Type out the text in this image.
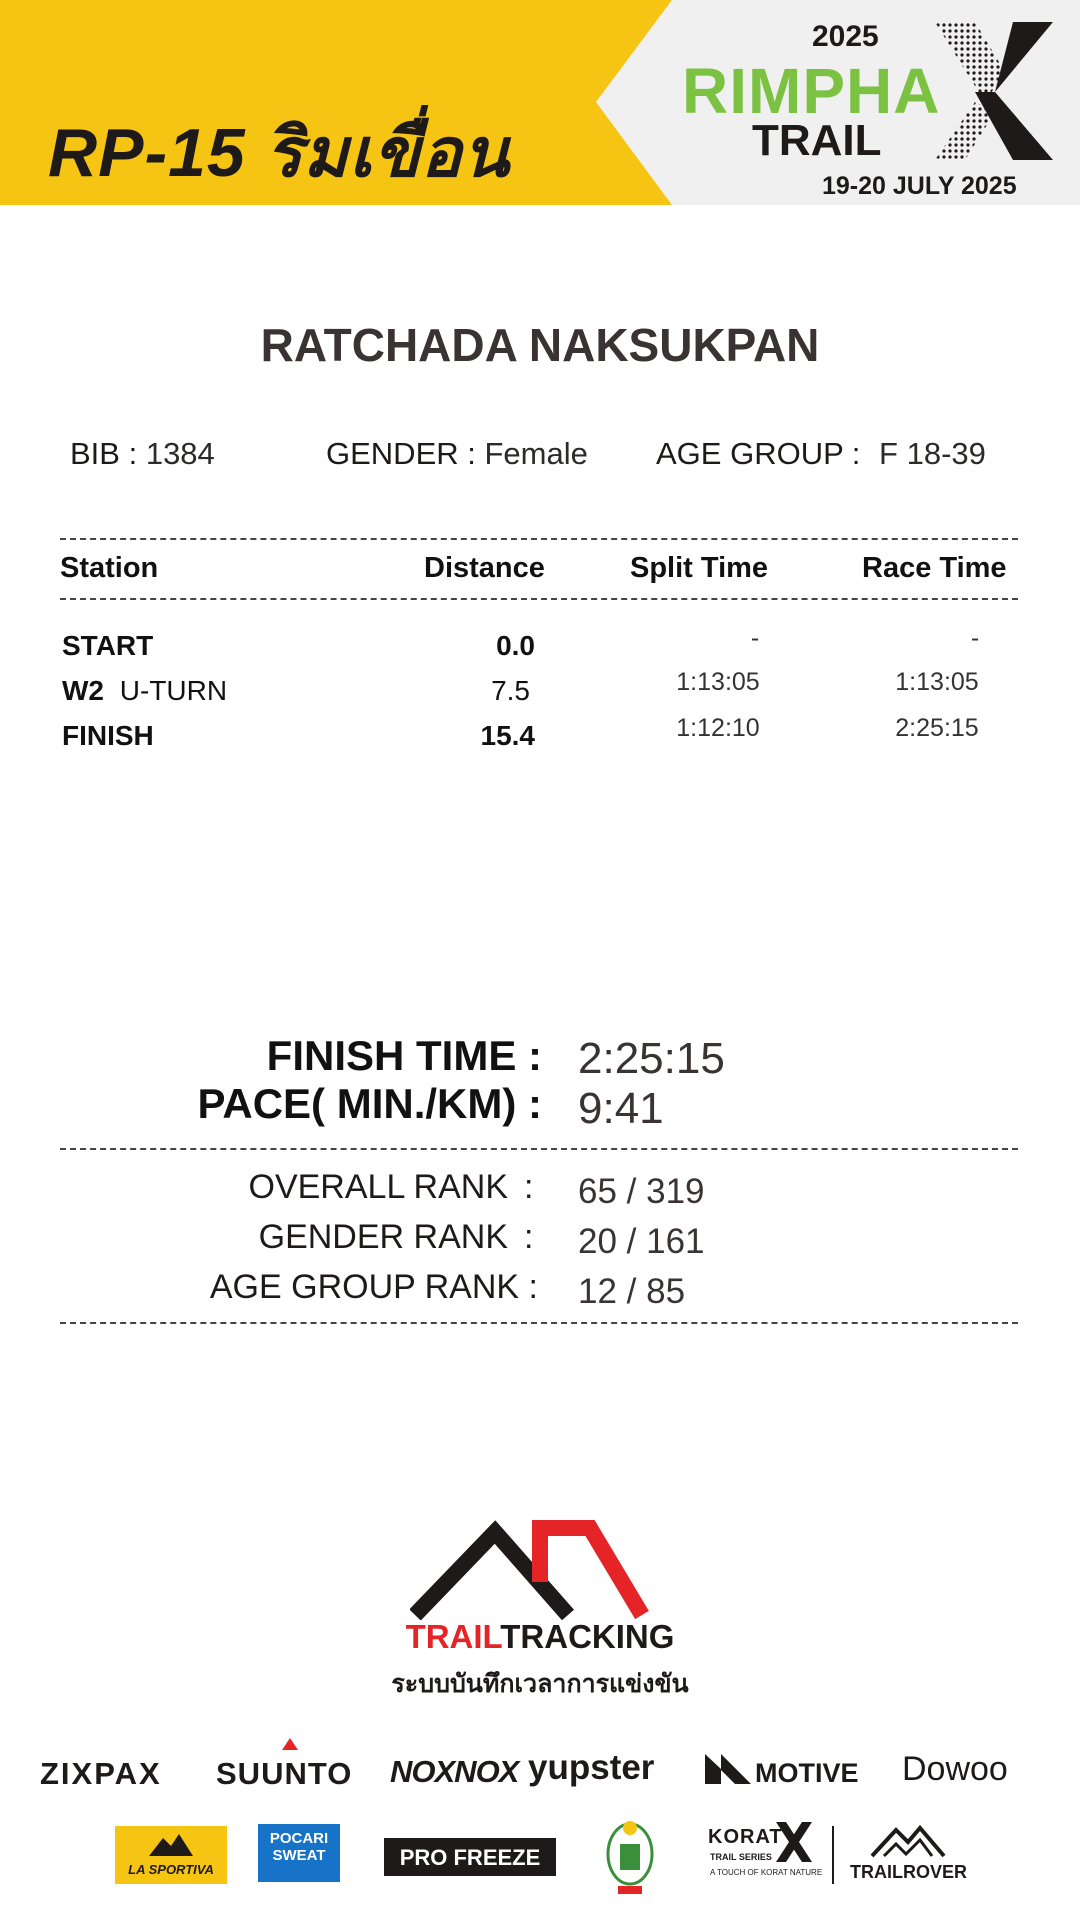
RP-15 ริมเขื่อน
2025
RIMPHA
TRAIL
19-20 JULY 2025
RATCHADA NAKSUKPAN
BIB : 1384	GENDER : Female AGE GROUP : F 18-39
Station	Distance	Split Time	Race Time
START	0.0	-	-
W2 U-TURN	7.5	1:13:05	1:13:05
FINISH	15.4	1:12:10	2:25:15
FINISH TIME : 2:25:15
PACE( MIN./KM) : 9:41
OVERALL RANK : 65 / 319
GENDER RANK : 20 / 161
AGE GROUP RANK : 12 / 85
TRAILTRACKING
ระบบบันทึกเวลาการแข่งขัน
ZIXPAX SUUNTO NOXNOX yupster	MOTIVE Dowoo
LA SPORTIVA
POCARI SWEAT	PRO FREEZE
KORAT
TRAIL SERIES
A TOUCH OF KORAT NATURE TRAILROVER
